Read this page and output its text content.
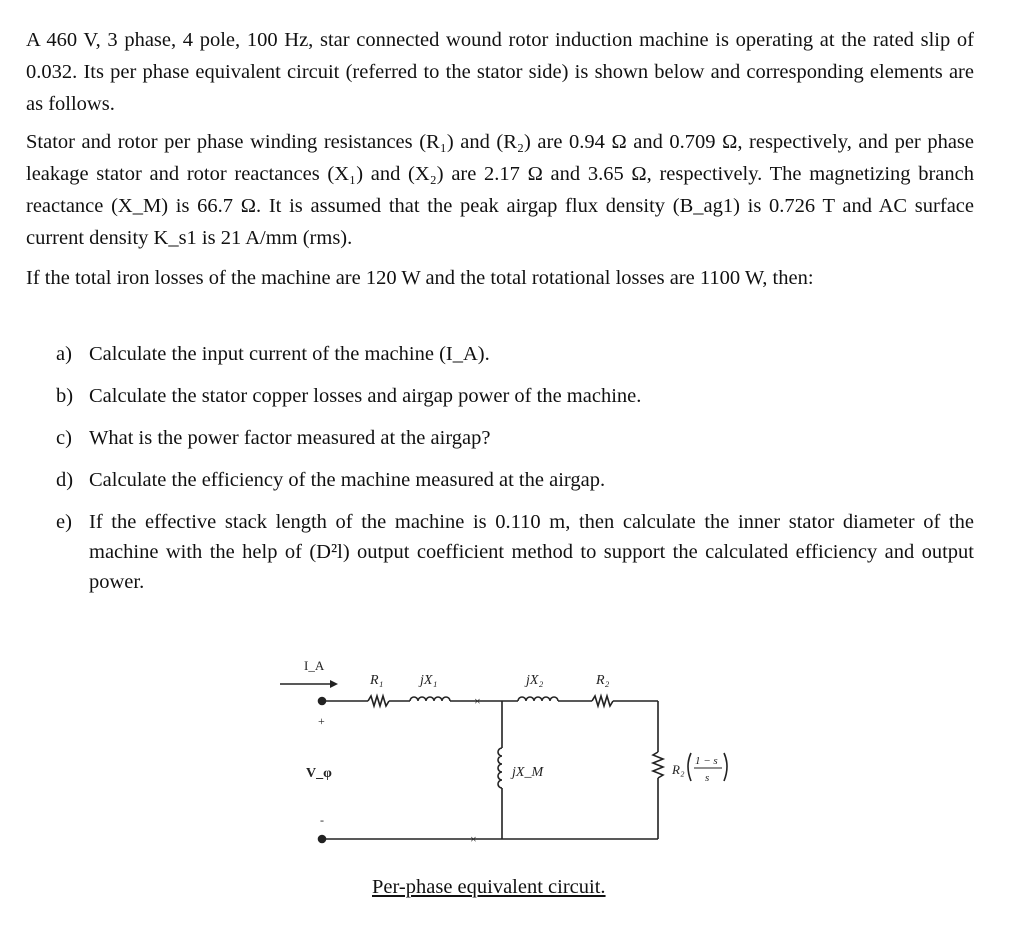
A 460 V, 3 phase, 4 pole, 100 Hz, star connected wound rotor induction machine is operating at the rated slip of 0.032. Its per phase equivalent circuit (referred to the stator side) is shown below and corresponding elements are as follows.

Stator and rotor per phase winding resistances (R₁) and (R₂) are 0.94 Ω and 0.709 Ω, respectively, and per phase leakage stator and rotor reactances (X₁) and (X₂) are 2.17 Ω and 3.65 Ω, respectively. The magnetizing branch reactance (X_M) is 66.7 Ω. It is assumed that the peak airgap flux density (B_ag1) is 0.726 T and AC surface current density K_s1 is 21 A/mm (rms).

If the total iron losses of the machine are 120 W and the total rotational losses are 1100 W, then:

a) Calculate the input current of the machine (I_A).
b) Calculate the stator copper losses and airgap power of the machine.
c) What is the power factor measured at the airgap?
d) Calculate the efficiency of the machine measured at the airgap.
e) If the effective stack length of the machine is 0.110 m, then calculate the inner stator diameter of the machine with the help of (D²l) output coefficient method to support the calculated efficiency and output power.
I_A
×
R₁	jX₁	jX₂	R₂
jX_M	R₂
1 − s
s
×
+
V_φ
-
Per-phase equivalent circuit.
